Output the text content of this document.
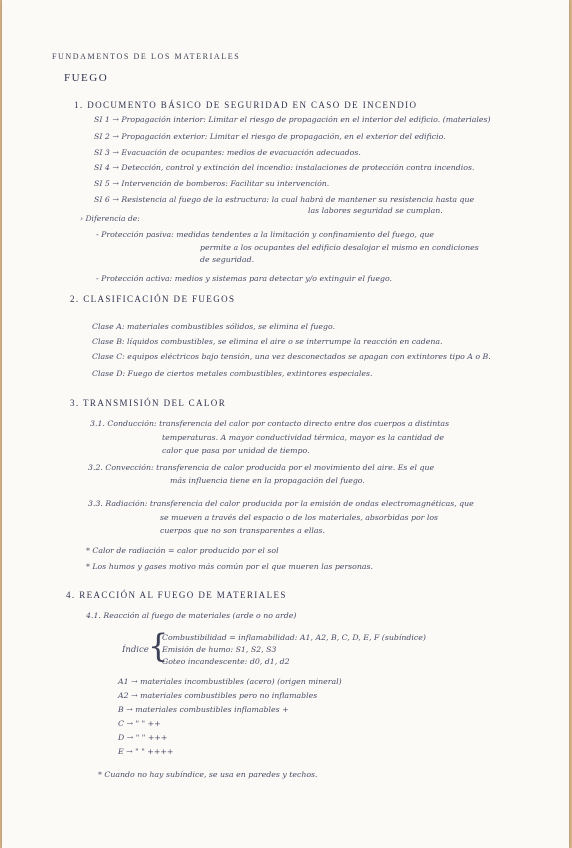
FUNDAMENTOS DE LOS MATERIALES
FUEGO
1. DOCUMENTO BÁSICO DE SEGURIDAD EN CASO DE INCENDIO
SI 1 → Propagación interior: Limitar el riesgo de propagación en el interior del edificio. (materiales)
SI 2 → Propagación exterior: Limitar el riesgo de propagación, en el exterior del edificio.
SI 3 → Evacuación de ocupantes: medios de evacuación adecuados.
SI 4 → Detección, control y extinción del incendio: instalaciones de protección contra incendios.
SI 5 → Intervención de bomberos: Facilitar su intervención.
SI 6 → Resistencia al fuego de la estructura: la cual habrá de mantener su resistencia hasta que
las labores seguridad se cumplan.
› Diferencia de:
- Protección pasiva: medidas tendentes a la limitación y confinamiento del fuego, que
permite a los ocupantes del edificio desalojar el mismo en condiciones
de seguridad.
- Protección activa: medios y sistemas para detectar y/o extinguir el fuego.
2. CLASIFICACIÓN DE FUEGOS
Clase A: materiales combustibles sólidos, se elimina el fuego.
Clase B: líquidos combustibles, se elimina el aire o se interrumpe la reacción en cadena.
Clase C: equipos eléctricos bajo tensión, una vez desconectados se apagan con extintores tipo A o B.
Clase D: Fuego de ciertos metales combustibles, extintores especiales.
3. TRANSMISIÓN DEL CALOR
3.1. Conducción: transferencia del calor por contacto directo entre dos cuerpos a distintas
temperaturas. A mayor conductividad térmica, mayor es la cantidad de
calor que pasa por unidad de tiempo.
3.2. Convección: transferencia de calor producida por el movimiento del aire. Es el que
más influencia tiene en la propagación del fuego.
3.3. Radiación: transferencia del calor producida por la emisión de ondas electromagnéticas, que
se mueven a través del espacio o de los materiales, absorbidas por los
cuerpos que no son transparentes a ellas.
* Calor de radiación = calor producido por el sol
* Los humos y gases motivo más común por el que mueren las personas.
4. REACCIÓN AL FUEGO DE MATERIALES
4.1. Reacción al fuego de materiales (arde o no arde)
Índice {
Combustibilidad = inflamabilidad: A1, A2, B, C, D, E, F (subíndice)
Emisión de humo: S1, S2, S3
Goteo incandescente: d0, d1, d2
A1 → materiales incombustibles (acero) (origen mineral)
A2 → materiales combustibles pero no inflamables
B → materiales combustibles inflamables +
C → " " ++
D → " " +++
E → " " ++++
* Cuando no hay subíndice, se usa en paredes y techos.
